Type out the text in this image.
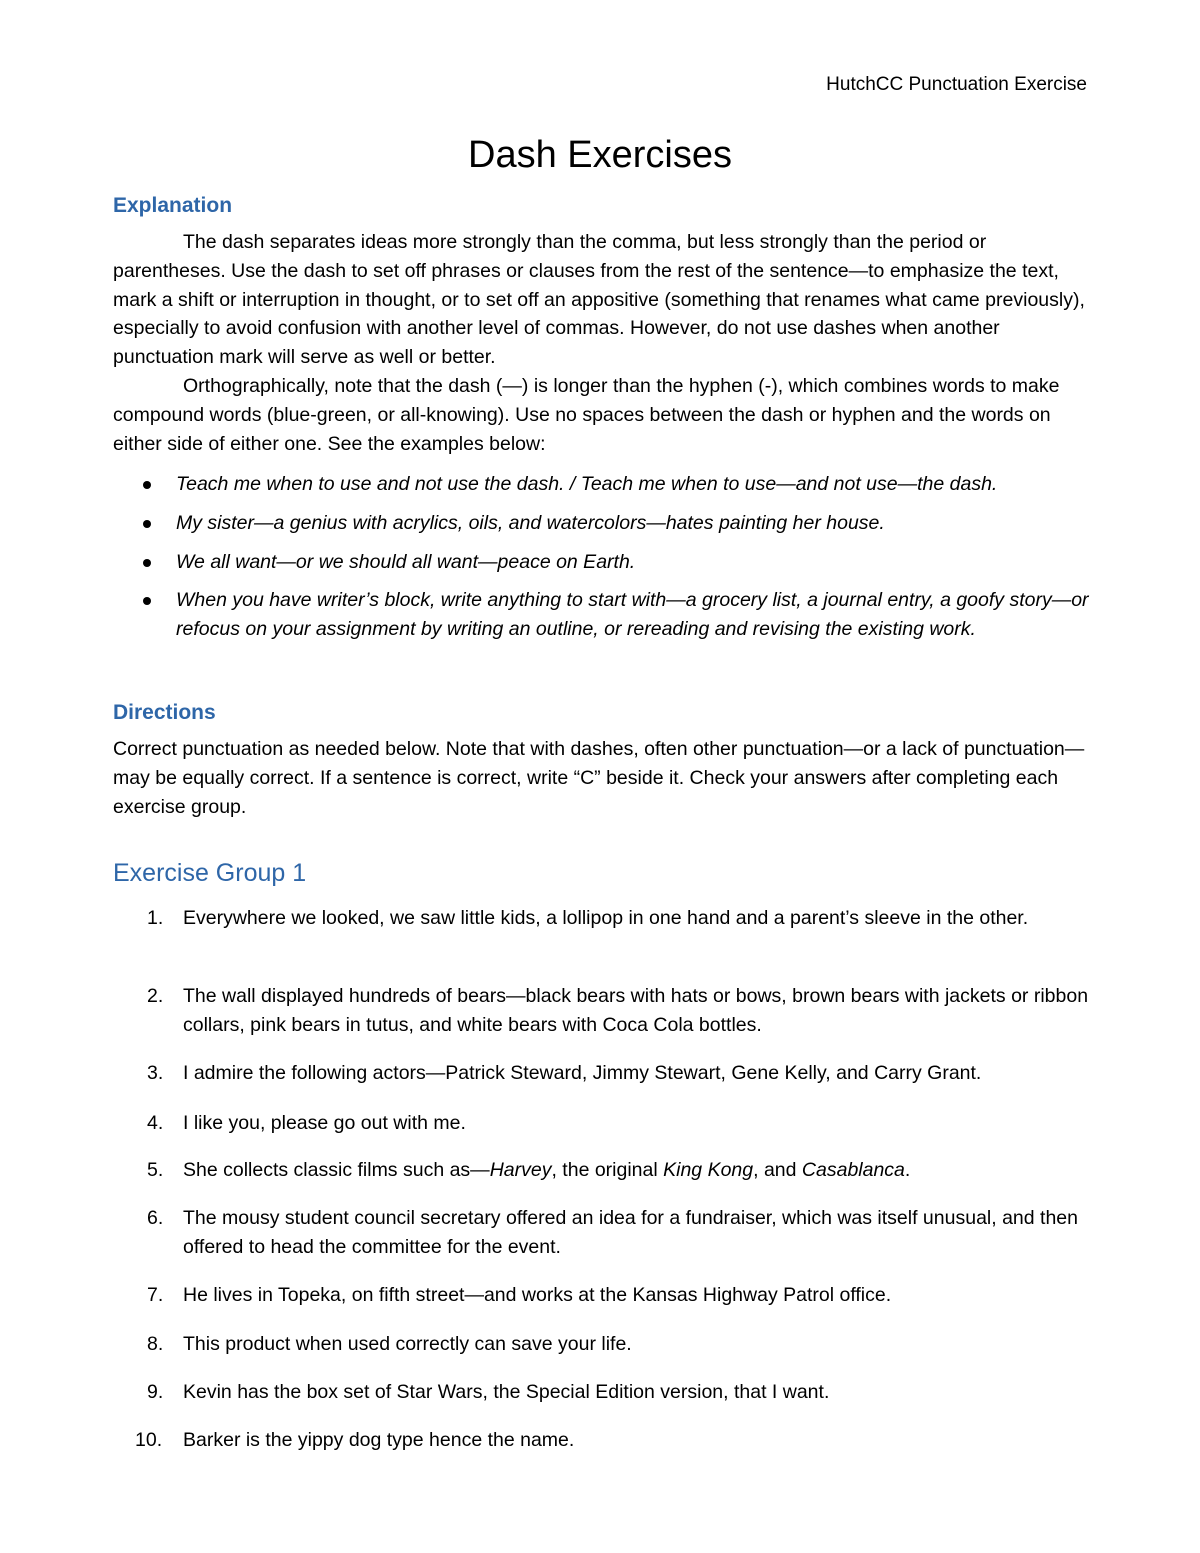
HutchCC Punctuation Exercise
Dash Exercises
Explanation

The dash separates ideas more strongly than the comma, but less strongly than the period or parentheses. Use the dash to set off phrases or clauses from the rest of the sentence—to emphasize the text, mark a shift or interruption in thought, or to set off an appositive (something that renames what came previously), especially to avoid confusion with another level of commas. However, do not use dashes when another punctuation mark will serve as well or better.

Orthographically, note that the dash (—) is longer than the hyphen (-), which combines words to make compound words (blue-green, or all-knowing). Use no spaces between the dash or hyphen and the words on either side of either one. See the examples below:

Teach me when to use and not use the dash. / Teach me when to use—and not use—the dash.
My sister—a genius with acrylics, oils, and watercolors—hates painting her house.
We all want—or we should all want—peace on Earth.
When you have writer’s block, write anything to start with—a grocery list, a journal entry, a goofy story—or refocus on your assignment by writing an outline, or rereading and revising the existing work.
Directions

Correct punctuation as needed below. Note that with dashes, often other punctuation—or a lack of punctuation—may be equally correct. If a sentence is correct, write “C” beside it. Check your answers after completing each exercise group.

Exercise Group 1
1. Everywhere we looked, we saw little kids, a lollipop in one hand and a parent’s sleeve in the other.
2. The wall displayed hundreds of bears—black bears with hats or bows, brown bears with jackets or ribbon collars, pink bears in tutus, and white bears with Coca Cola bottles.
3. I admire the following actors—Patrick Steward, Jimmy Stewart, Gene Kelly, and Carry Grant.
4. I like you, please go out with me.
5. She collects classic films such as—Harvey, the original King Kong, and Casablanca.
6. The mousy student council secretary offered an idea for a fundraiser, which was itself unusual, and then offered to head the committee for the event.
7. He lives in Topeka, on fifth street—and works at the Kansas Highway Patrol office.
8. This product when used correctly can save your life.
9. Kevin has the box set of Star Wars, the Special Edition version, that I want.
10. Barker is the yippy dog type hence the name.
